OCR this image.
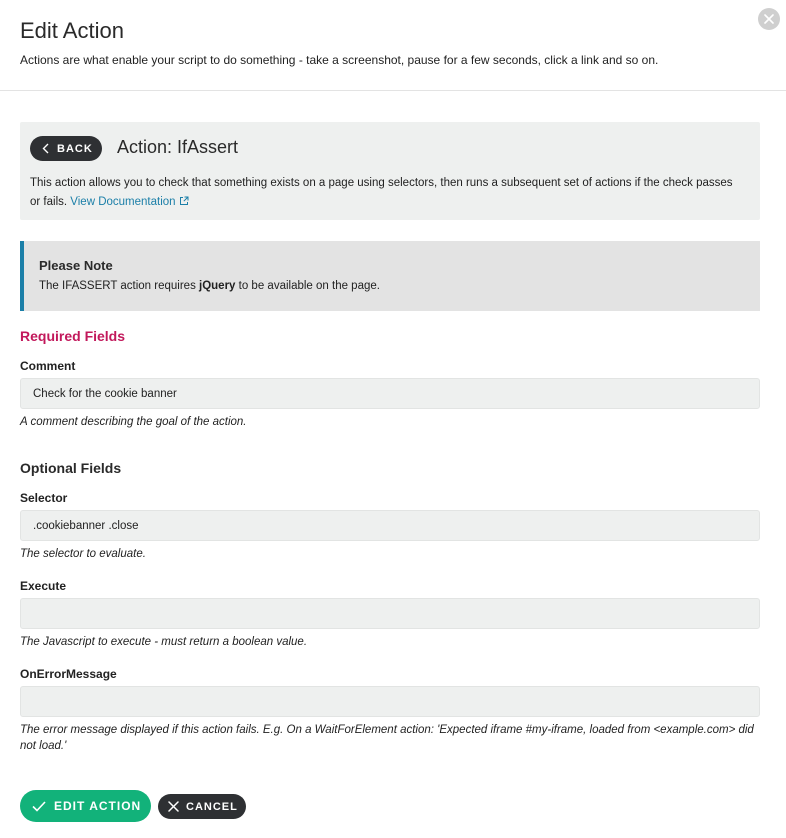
Edit Action

Actions are what enable your script to do something - take a screenshot, pause for a few seconds, click a link and so on.

BACK Action: IfAssert

This action allows you to check that something exists on a page using selectors, then runs a subsequent set of actions if the check passes or fails. View Documentation

Please Note
The IFASSERT action requires jQuery to be available on the page.
Required Fields
Comment
Check for the cookie banner
A comment describing the goal of the action.
Optional Fields
Selector
.cookiebanner .close
The selector to evaluate.
Execute
The Javascript to execute - must return a boolean value.
OnErrorMessage
The error message displayed if this action fails. E.g. On a WaitForElement action: 'Expected iframe #my-iframe, loaded from <example.com> did not load.'
EDIT ACTION	CANCEL
